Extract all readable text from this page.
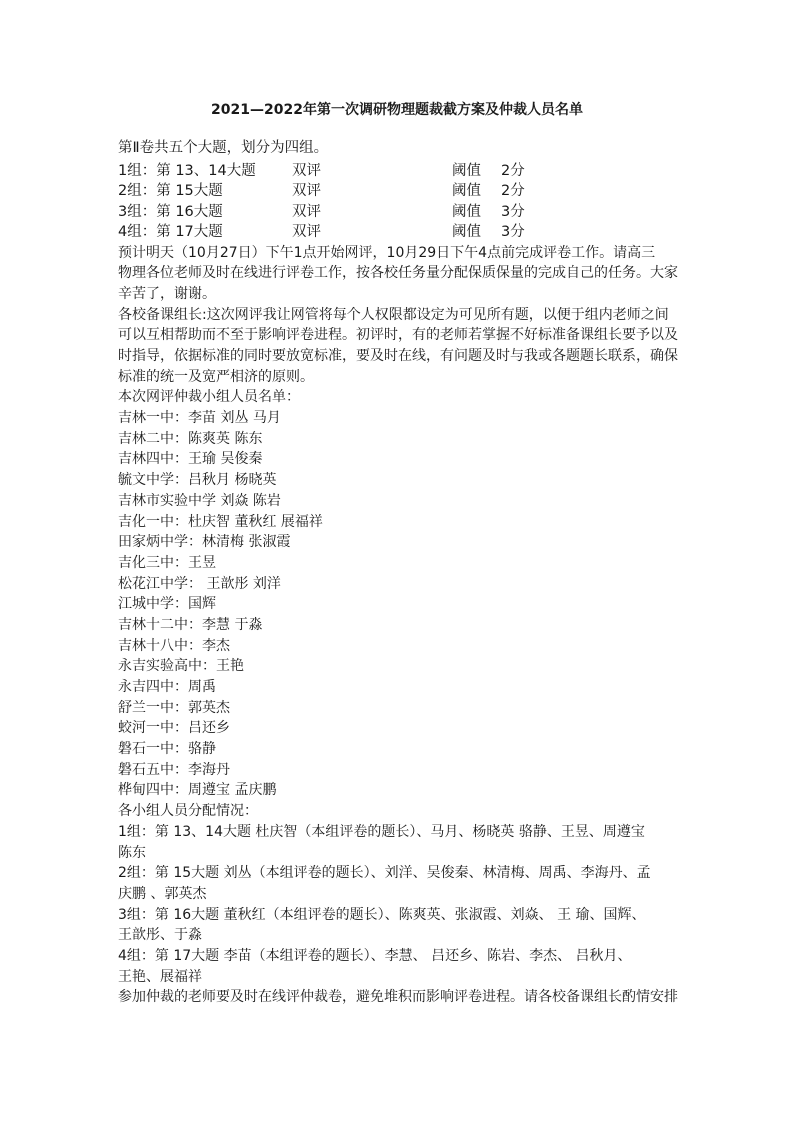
2021—2022年第一次调研物理题裁截方案及仲裁人员名单
第Ⅱ卷共五个大题，划分为四组。
1组：第 13、14大题	双评	阈值 2分
2组：第 15大题	双评	阈值 2分
3组：第 16大题	双评	阈值 3分
4组：第 17大题	双评	阈值 3分
预计明天（10月27日）下午1点开始网评，10月29日下午4点前完成评卷工作。请高三
物理各位老师及时在线进行评卷工作，按各校任务量分配保质保量的完成自己的任务。大家
辛苦了，谢谢。
各校备课组长:这次网评我让网管将每个人权限都设定为可见所有题，以便于组内老师之间
可以互相帮助而不至于影响评卷进程。初评时，有的老师若掌握不好标准备课组长要予以及
时指导，依据标准的同时要放宽标准，要及时在线，有问题及时与我或各题题长联系，确保
标准的统一及宽严相济的原则。
本次网评仲裁小组人员名单：
吉林一中：李苗 刘丛 马月
吉林二中：陈爽英 陈东
吉林四中：王瑜 吴俊秦
毓文中学：吕秋月 杨晓英
吉林市实验中学 刘焱 陈岩
吉化一中：杜庆智 董秋红 展福祥
田家炳中学：林清梅 张淑霞
吉化三中：王昱
松花江中学： 王歆彤 刘洋
江城中学：国辉
吉林十二中：李慧 于淼
吉林十八中：李杰
永吉实验高中：王艳
永吉四中：周禹
舒兰一中：郭英杰
蛟河一中：吕还乡
磐石一中：骆静
磐石五中：李海丹
桦甸四中：周遵宝 孟庆鹏
各小组人员分配情况：
1组：第 13、14大题 杜庆智（本组评卷的题长）、马月、杨晓英 骆静、王昱、周遵宝
陈东
2组：第 15大题 刘丛（本组评卷的题长）、刘洋、吴俊秦、林清梅、周禹、李海丹、孟
庆鹏 、郭英杰
3组：第 16大题 董秋红（本组评卷的题长）、陈爽英、张淑霞、刘焱、 王 瑜、国辉、
王歆彤、于淼
4组：第 17大题 李苗（本组评卷的题长）、李慧、 吕还乡、陈岩、李杰、 吕秋月、
王艳、展福祥
参加仲裁的老师要及时在线评仲裁卷，避免堆积而影响评卷进程。请各校备课组长酌情安排
